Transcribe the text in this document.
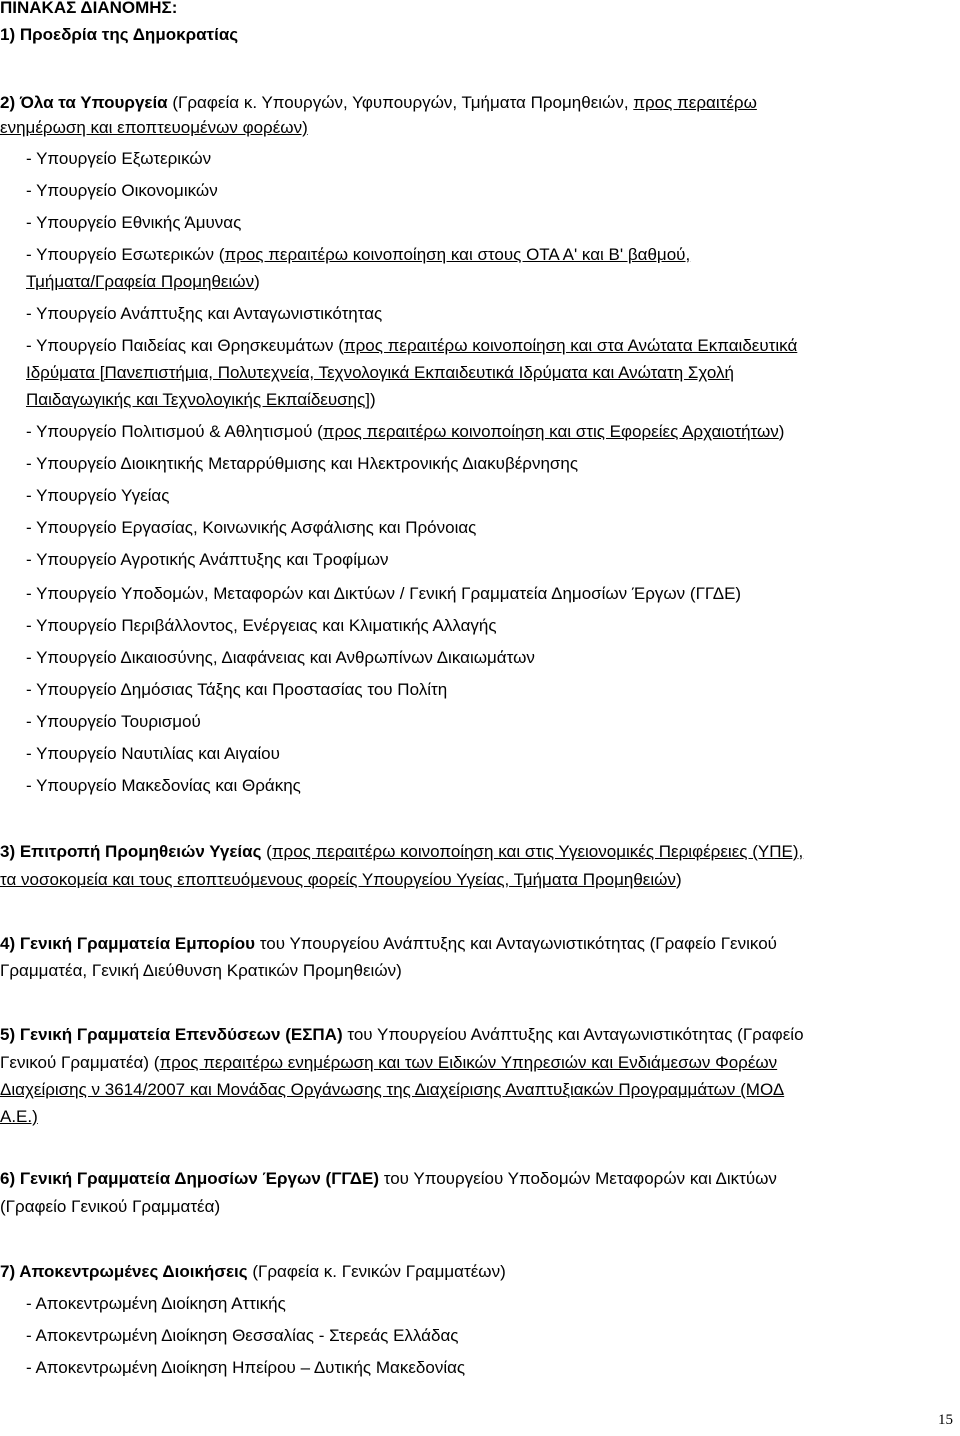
15
ΠΙΝΑΚΑΣ ΔΙΑΝΟΜΗΣ:
1) Προεδρία της Δημοκρατίας
2) Όλα τα Υπουργεία (Γραφεία κ. Υπουργών, Υφυπουργών, Τμήματα Προμηθειών, προς περαιτέρω
ενημέρωση και εποπτευομένων φορέων)
- Υπουργείο Εξωτερικών
- Υπουργείο Οικονομικών
- Υπουργείο Εθνικής Άμυνας
- Υπουργείο Εσωτερικών (προς περαιτέρω κοινοποίηση και στους ΟΤΑ Α' και Β' βαθμού,
Τμήματα/Γραφεία Προμηθειών)
- Υπουργείο Ανάπτυξης και Ανταγωνιστικότητας
- Υπουργείο Παιδείας και Θρησκευμάτων (προς περαιτέρω κοινοποίηση και στα Ανώτατα Εκπαιδευτικά
Ιδρύματα [Πανεπιστήμια, Πολυτεχνεία, Τεχνολογικά Εκπαιδευτικά Ιδρύματα και Ανώτατη Σχολή
Παιδαγωγικής και Τεχνολογικής Εκπαίδευσης])
- Υπουργείο Πολιτισμού & Αθλητισμού (προς περαιτέρω κοινοποίηση και στις Εφορείες Αρχαιοτήτων)
- Υπουργείο Διοικητικής Μεταρρύθμισης και Ηλεκτρονικής Διακυβέρνησης
- Υπουργείο Υγείας
- Υπουργείο Εργασίας, Κοινωνικής Ασφάλισης και Πρόνοιας
- Υπουργείο Αγροτικής Ανάπτυξης και Τροφίμων
- Υπουργείο Υποδομών, Μεταφορών και Δικτύων / Γενική Γραμματεία Δημοσίων Έργων (ΓΓΔΕ)
- Υπουργείο Περιβάλλοντος, Ενέργειας και Κλιματικής Αλλαγής
- Υπουργείο Δικαιοσύνης, Διαφάνειας και Ανθρωπίνων Δικαιωμάτων
- Υπουργείο Δημόσιας Τάξης και Προστασίας του Πολίτη
- Υπουργείο Τουρισμού
- Υπουργείο Ναυτιλίας και Αιγαίου
- Υπουργείο Μακεδονίας και Θράκης
3) Επιτροπή Προμηθειών Υγείας (προς περαιτέρω κοινοποίηση και στις Υγειονομικές Περιφέρειες (ΥΠΕ),
τα νοσοκομεία και τους εποπτευόμενους φορείς Υπουργείου Υγείας, Τμήματα Προμηθειών)
4) Γενική Γραμματεία Εμπορίου του Υπουργείου Ανάπτυξης και Ανταγωνιστικότητας (Γραφείο Γενικού
Γραμματέα, Γενική Διεύθυνση Κρατικών Προμηθειών)
5) Γενική Γραμματεία Επενδύσεων (ΕΣΠΑ) του Υπουργείου Ανάπτυξης και Ανταγωνιστικότητας (Γραφείο
Γενικού Γραμματέα) (προς περαιτέρω ενημέρωση και των Ειδικών Υπηρεσιών και Ενδιάμεσων Φορέων
Διαχείρισης ν 3614/2007 και Μονάδας Οργάνωσης της Διαχείρισης Αναπτυξιακών Προγραμμάτων (ΜΟΔ
Α.Ε.)
6) Γενική Γραμματεία Δημοσίων Έργων (ΓΓΔΕ) του Υπουργείου Υποδομών Μεταφορών και Δικτύων
(Γραφείο Γενικού Γραμματέα)
7) Αποκεντρωμένες Διοικήσεις (Γραφεία κ. Γενικών Γραμματέων)
- Αποκεντρωμένη Διοίκηση Αττικής
- Αποκεντρωμένη Διοίκηση Θεσσαλίας - Στερεάς Ελλάδας
- Αποκεντρωμένη Διοίκηση Ηπείρου – Δυτικής Μακεδονίας
